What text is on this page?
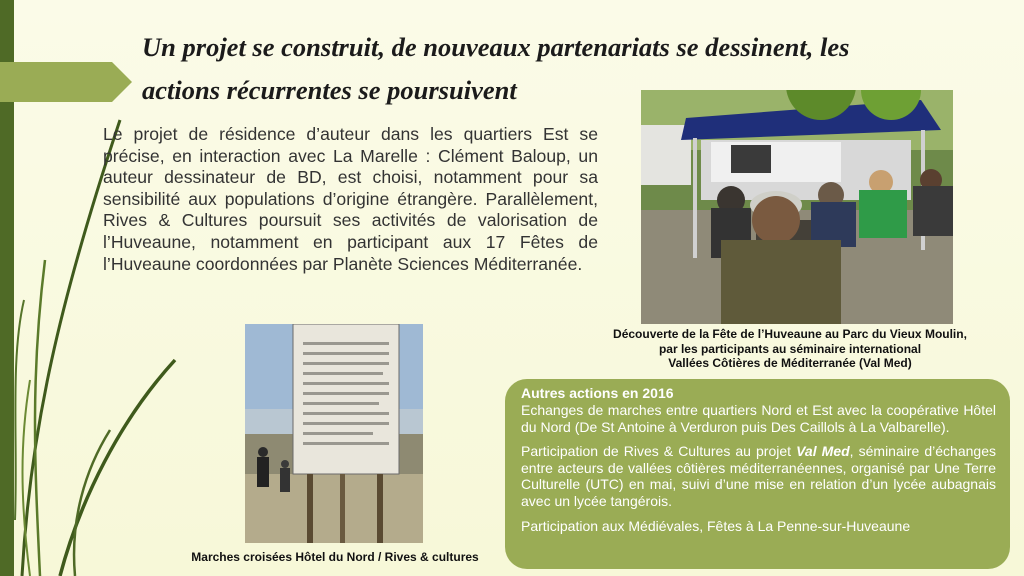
Un projet se construit, de nouveaux partenariats se dessinent, les
actions récurrentes se poursuivent

Le projet de résidence d’auteur dans les quartiers Est se précise, en interaction avec La Marelle : Clément Baloup, un auteur dessinateur de BD, est choisi, notamment pour sa sensibilité aux populations d’origine étrangère. Parallèlement, Rives & Cultures poursuit ses activités de valorisation de l’Huveaune, notamment en participant aux 17 Fêtes de l’Huveaune coordonnées par Planète Sciences Méditerranée.

Découverte de la Fête de l’Huveaune au Parc du Vieux Moulin,
par les participants au séminaire international
Vallées Côtières de Méditerranée (Val Med)
Marches croisées Hôtel du Nord / Rives & cultures

Autres actions en 2016

Echanges de marches entre quartiers Nord et Est avec la coopérative Hôtel du Nord (De St Antoine à Verduron puis Des Caillols à La Valbarelle).

Participation de Rives & Cultures au projet Val Med, séminaire d’échanges entre acteurs de vallées côtières méditerranéennes, organisé par Une Terre Culturelle (UTC) en mai, suivi d’une mise en relation d’un lycée aubagnais avec un lycée tangérois.

Participation aux Médiévales, Fêtes à La Penne-sur-Huveaune
